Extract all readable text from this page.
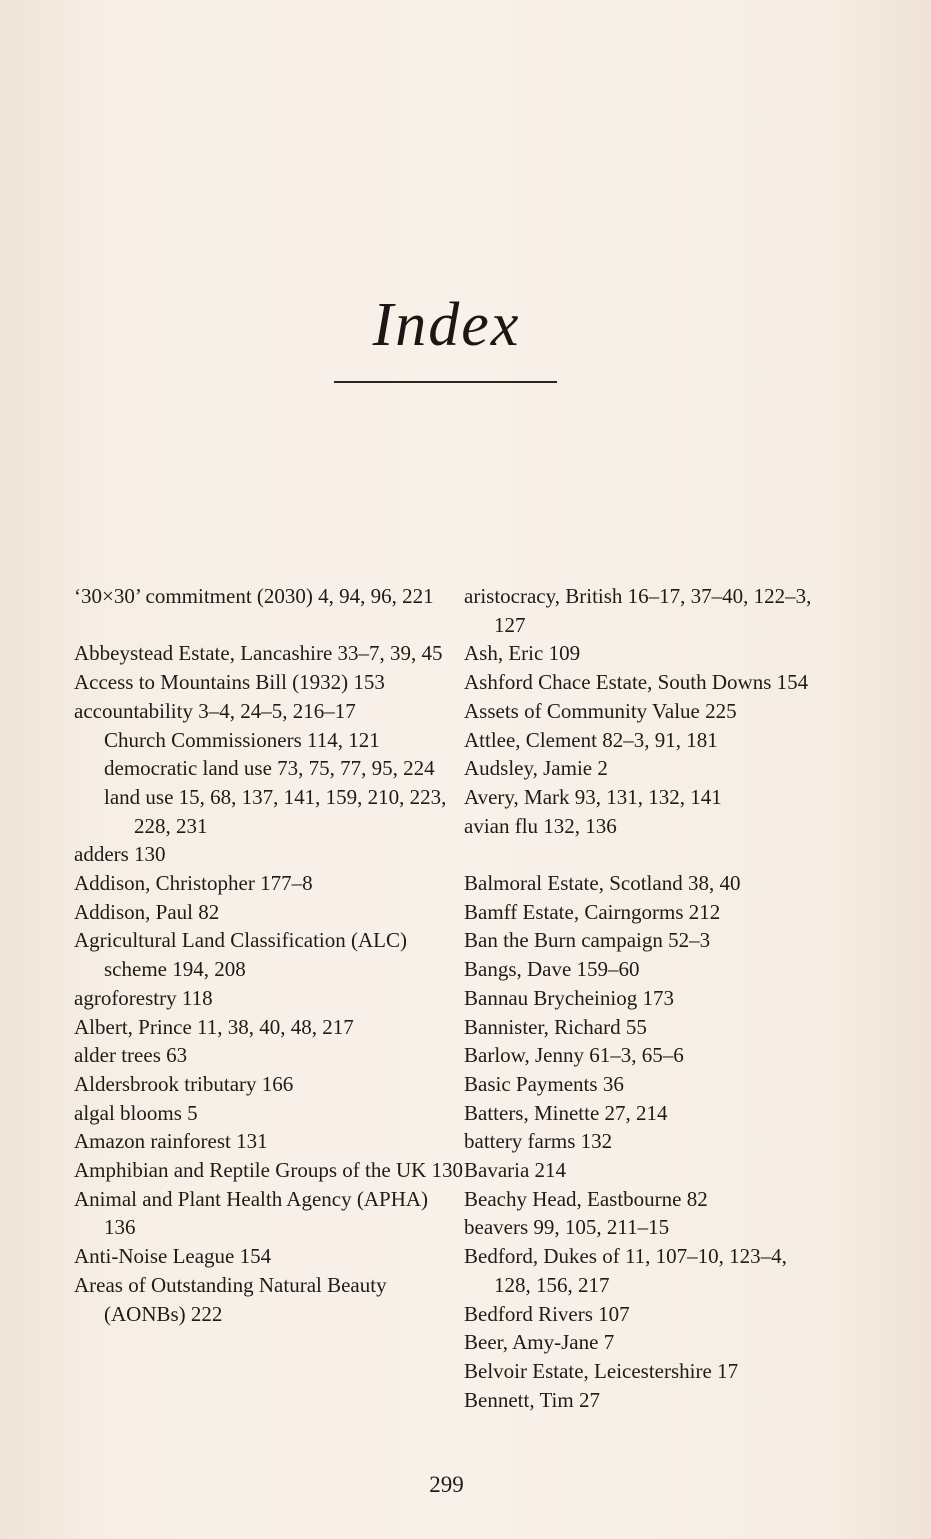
Index

‘30×30’ commitment (2030) 4, 94, 96, 221

Abbeystead Estate, Lancashire 33–7, 39, 45

Access to Mountains Bill (1932) 153

accountability 3–4, 24–5, 216–17

Church Commissioners 114, 121

democratic land use 73, 75, 77, 95, 224

land use 15, 68, 137, 141, 159, 210, 223, 228, 231

adders 130

Addison, Christopher 177–8

Addison, Paul 82

Agricultural Land Classification (ALC) scheme 194, 208

agroforestry 118

Albert, Prince 11, 38, 40, 48, 217

alder trees 63

Aldersbrook tributary 166

algal blooms 5

Amazon rainforest 131

Amphibian and Reptile Groups of the UK 130

Animal and Plant Health Agency (APHA) 136

Anti-Noise League 154

Areas of Outstanding Natural Beauty (AONBs) 222

aristocracy, British 16–17, 37–40, 122–3, 127

Ash, Eric 109

Ashford Chace Estate, South Downs 154

Assets of Community Value 225

Attlee, Clement 82–3, 91, 181

Audsley, Jamie 2

Avery, Mark 93, 131, 132, 141

avian flu 132, 136

Balmoral Estate, Scotland 38, 40

Bamff Estate, Cairngorms 212

Ban the Burn campaign 52–3

Bangs, Dave 159–60

Bannau Brycheiniog 173

Bannister, Richard 55

Barlow, Jenny 61–3, 65–6

Basic Payments 36

Batters, Minette 27, 214

battery farms 132

Bavaria 214

Beachy Head, Eastbourne 82

beavers 99, 105, 211–15

Bedford, Dukes of 11, 107–10, 123–4, 128, 156, 217

Bedford Rivers 107

Beer, Amy-Jane 7

Belvoir Estate, Leicestershire 17

Bennett, Tim 27

299
